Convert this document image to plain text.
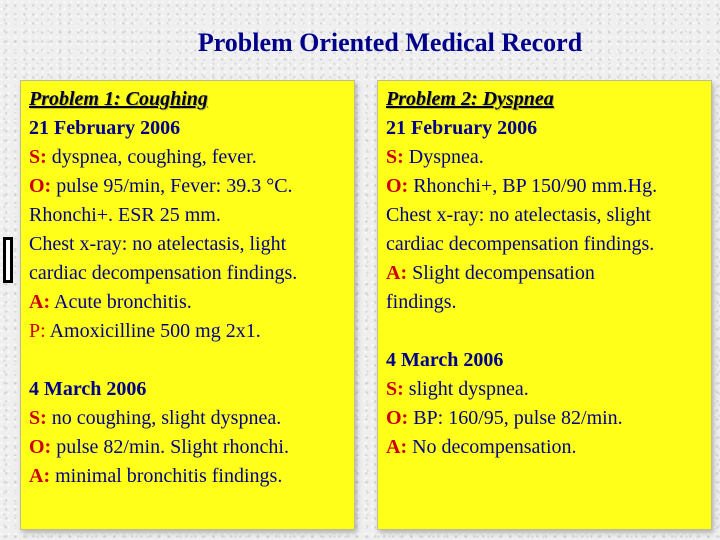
Problem Oriented Medical Record

Problem 1: Coughing

21 February 2006

S: dyspnea, coughing, fever.

O: pulse 95/min, Fever: 39.3 °C.

Rhonchi+. ESR 25 mm.

Chest x-ray: no atelectasis, light

cardiac decompensation findings.

A: Acute bronchitis.

P: Amoxicilline 500 mg 2x1.

4 March 2006

S: no coughing, slight dyspnea.

O: pulse 82/min. Slight rhonchi.

A: minimal bronchitis findings.

Problem 2: Dyspnea

21 February 2006

S: Dyspnea.

O: Rhonchi+, BP 150/90 mm.Hg.

Chest x-ray: no atelectasis, slight

cardiac decompensation findings.

A: Slight decompensation

findings.

4 March 2006

S: slight dyspnea.

O: BP: 160/95, pulse 82/min.

A: No decompensation.
